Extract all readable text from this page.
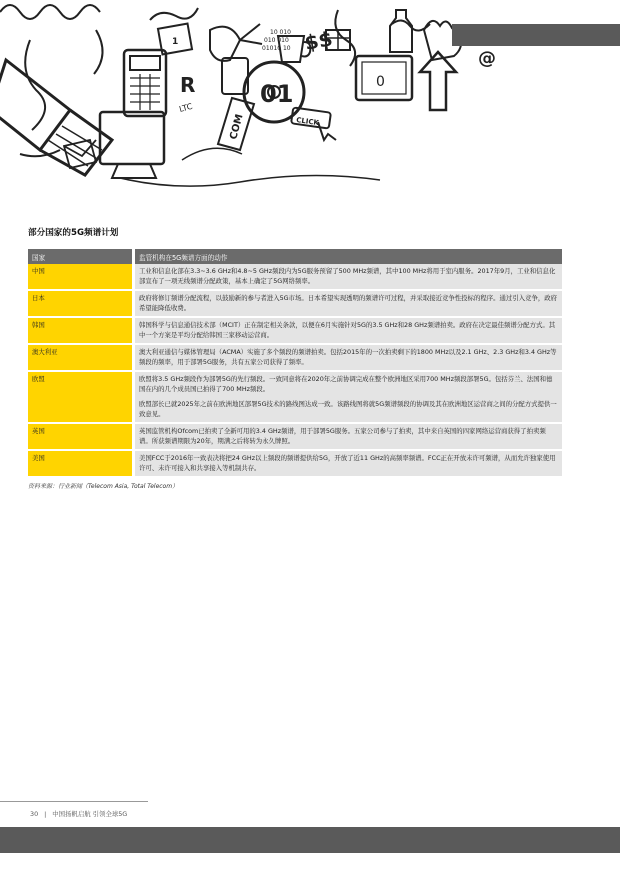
1
R
LTC
$$
@
10 010
010 010
01010 10
COM	CLICK
01	0
部分国家的5G频谱计划
国家	监管机构在5G频谱方面的动作
中国	工业和信息化部在3.3~3.6 GHz和4.8~5 GHz频段内为5G服务预留了500 MHz频谱，其中100 MHz将用于室内服务。2017年9月，工业和信息化部宣布了一项无线频谱分配政策，基本上确定了5G网络频率。

日本	政府将修订频谱分配流程，以鼓励新的参与者进入5G市场。日本希望实现透明的频谱许可过程，并采取接近竞争性投标的程序。通过引入竞争，政府希望能降低收费。

韩国	韩国科学与信息通信技术部（MCIT）正在制定相关条款，以便在6月实施针对5G的3.5 GHz和28 GHz频谱拍卖。政府在决定最佳频谱分配方式。其中一个方案是平均分配给韩国三家移动运营商。

澳大利亚	澳大利亚通信与媒体管理局（ACMA）实施了多个频段的频谱拍卖。包括2015年的一次拍卖剩下的1800 MHz以及2.1 GHz、2.3 GHz和3.4 GHz等频段的频率，用于部署5G服务，共有五家公司获得了频率。

欧盟	欧盟将3.5 GHz频段作为部署5G的先行频段。一致同意将在2020年之前协调完成在整个欧洲地区采用700 MHz频段部署5G。包括芬兰、法国和德国在内的几个成员国已拍得了700 MHz频段。

欧盟部长已就2025年之前在欧洲地区部署5G技术的路线图达成一致。该路线图将就5G频谱频段的协调及其在欧洲地区运营商之间的分配方式提供一致意见。

英国	英国监管机构Ofcom已拍卖了全新可用的3.4 GHz频谱，用于部署5G服务。五家公司参与了拍卖，其中来自英国的四家网络运营商获得了拍卖频谱。所获频谱期限为20年，期满之后将转为永久牌照。

美国	美国FCC于2016年一致表决将把24 GHz以上频段的频谱提供给5G，开放了近11 GHz的高频率频谱。FCC正在开放未许可频谱，从而允许独家使用许可、未许可接入和共享接入等机制共存。

资料来源：行业新闻（Telecom Asia, Total Telecom）
30 | 中国扬帆启航 引领全球5G
